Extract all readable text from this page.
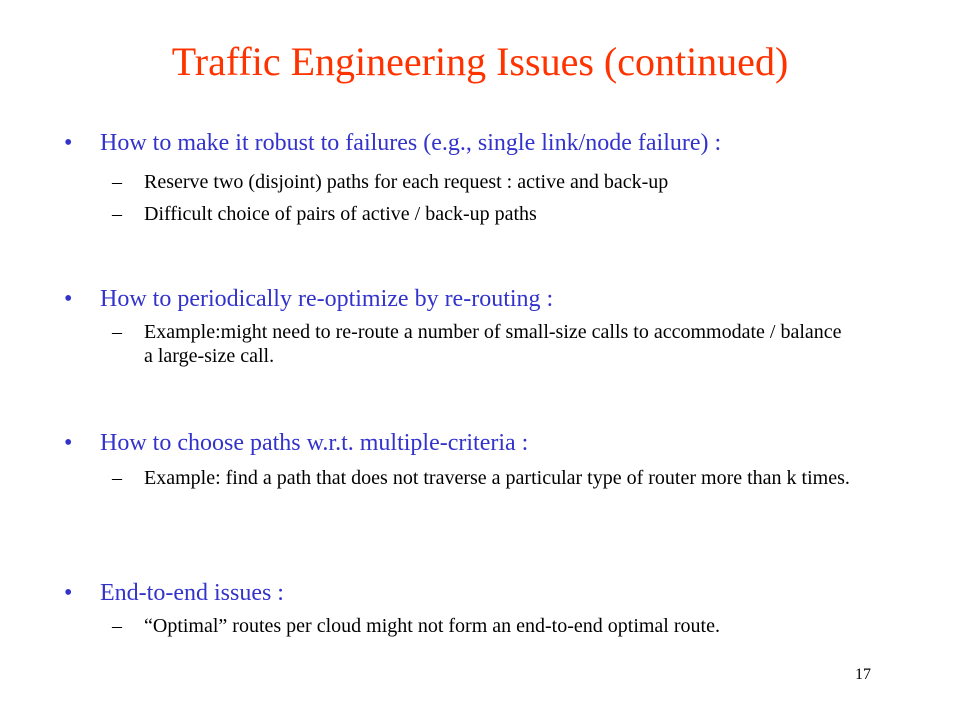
Traffic Engineering Issues (continued)
• How to make it robust to failures (e.g., single link/node failure) :
– Reserve two (disjoint) paths for each request : active and back-up
– Difficult choice of pairs of active / back-up paths
• How to periodically re-optimize by re-routing :
– Example:might need to re-route a number of small-size calls to accommodate / balance a large-size call.
• How to choose paths w.r.t. multiple-criteria :
– Example: find a path that does not traverse a particular type of router more than k times.
• End-to-end issues :
– “Optimal” routes per cloud might not form an end-to-end optimal route.
17
